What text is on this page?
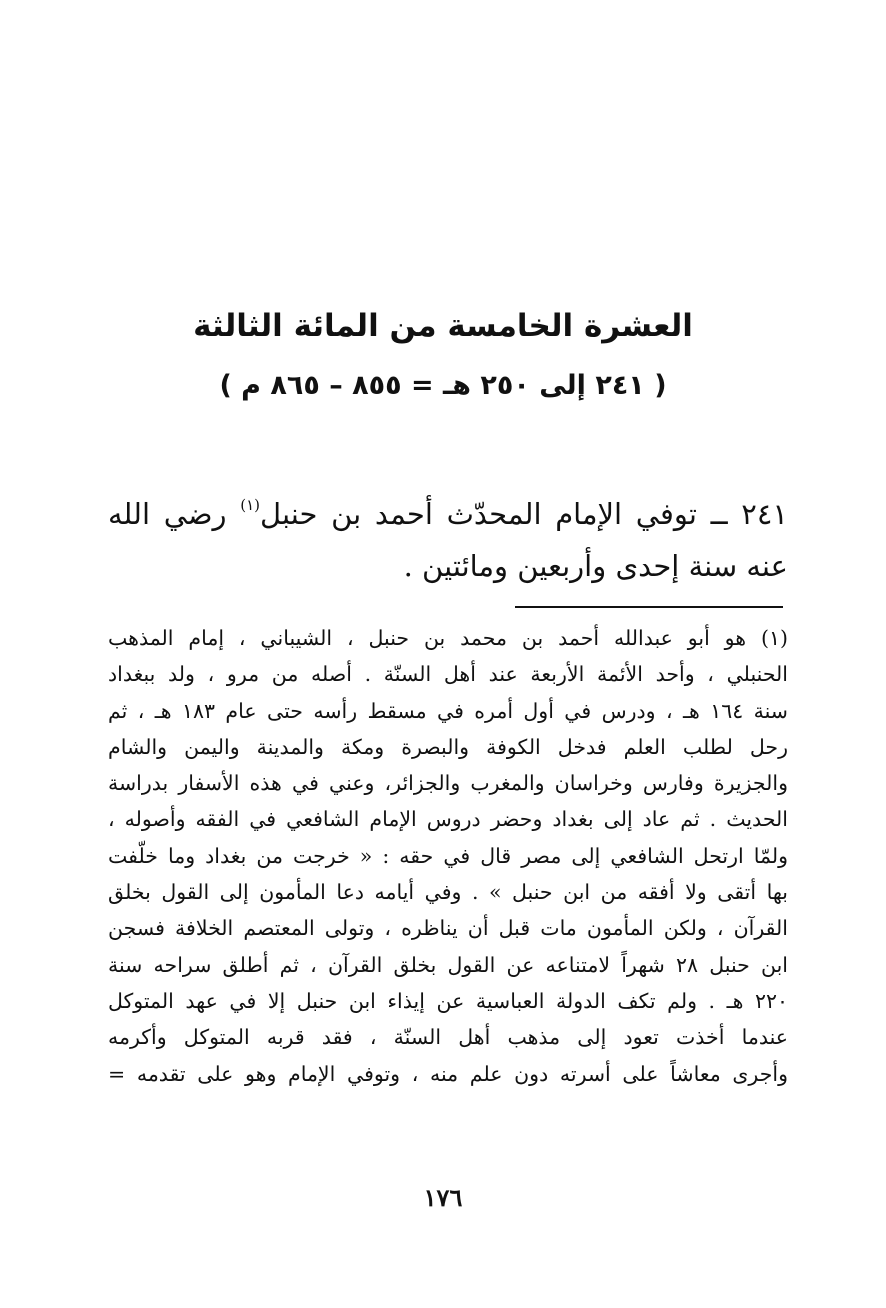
العشرة الخامسة من المائة الثالثة
( ٢٤١ إلى ٢٥٠ هـ = ٨٥٥ – ٨٦٥ م )
٢٤١ ــ توفي الإمام المحدّث أحمد بن حنبل$^{(١)}$ رضي الله عنه سنة إحدى وأربعين ومائتين .
(١) هو أبو عبدالله أحمد بن محمد بن حنبل ، الشيباني ، إمام المذهب
الحنبلي ، وأحد الأئمة الأربعة عند أهل السنّة . أصله من مرو ، ولد ببغداد
سنة ١٦٤ هـ ، ودرس في أول أمره في مسقط رأسه حتى عام ١٨٣ هـ ، ثم
رحل لطلب العلم فدخل الكوفة والبصرة ومكة والمدينة واليمن والشام
والجزيرة وفارس وخراسان والمغرب والجزائر، وعني في هذه الأسفار بدراسة
الحديث . ثم عاد إلى بغداد وحضر دروس الإمام الشافعي في الفقه وأصوله ،
ولمّا ارتحل الشافعي إلى مصر قال في حقه : « خرجت من بغداد وما خلّفت
بها أتقى ولا أفقه من ابن حنبل » . وفي أيامه دعا المأمون إلى القول بخلق
القرآن ، ولكن المأمون مات قبل أن يناظره ، وتولى المعتصم الخلافة فسجن
ابن حنبل ٢٨ شهراً لامتناعه عن القول بخلق القرآن ، ثم أطلق سراحه سنة
٢٢٠ هـ . ولم تكف الدولة العباسية عن إيذاء ابن حنبل إلا في عهد المتوكل
عندما أخذت تعود إلى مذهب أهل السنّة ، فقد قربه المتوكل وأكرمه
وأجرى معاشاً على أسرته دون علم منه ، وتوفي الإمام وهو على تقدمه =
١٧٦
